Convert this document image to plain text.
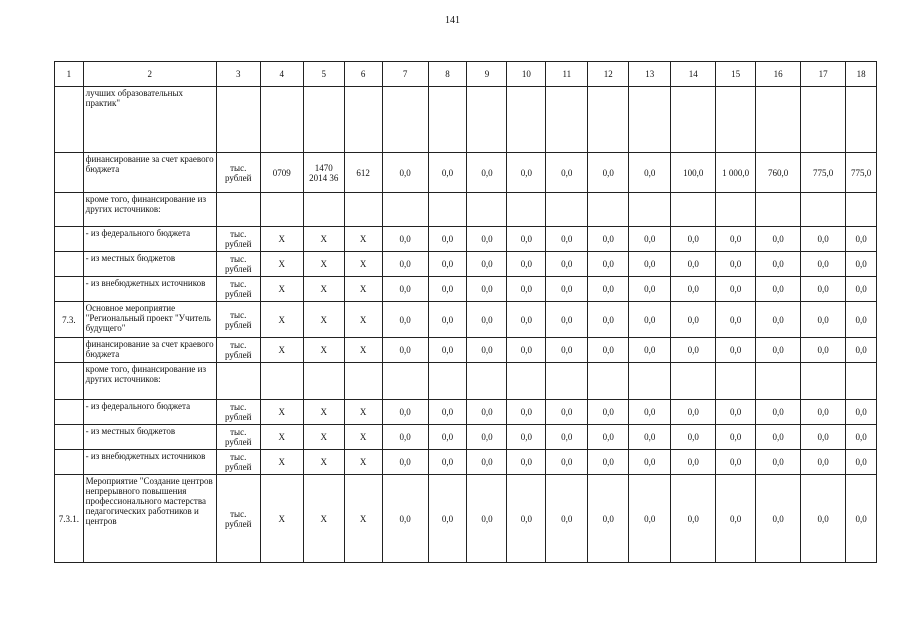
141
1	2	3	4	5	6	7	8	9	10	11	12	13	14	15	16	17	18
	лучших образовательных практик"																
	финансирование за счет краевого бюджета	тыс. рублей	0709	1470 2014 36	612	0,0	0,0	0,0	0,0	0,0	0,0	0,0	100,0	1 000,0	760,0	775,0	775,0
	кроме того, финансирование из других источников:																
	- из федерального бюджета	тыс. рублей	X	X	X	0,0	0,0	0,0	0,0	0,0	0,0	0,0	0,0	0,0	0,0	0,0	0,0
	- из местных бюджетов	тыс. рублей	X	X	X	0,0	0,0	0,0	0,0	0,0	0,0	0,0	0,0	0,0	0,0	0,0	0,0
	- из внебюджетных источников	тыс. рублей	X	X	X	0,0	0,0	0,0	0,0	0,0	0,0	0,0	0,0	0,0	0,0	0,0	0,0
7.3.	Основное мероприятие "Региональный проект "Учитель будущего"	тыс. рублей	X	X	X	0,0	0,0	0,0	0,0	0,0	0,0	0,0	0,0	0,0	0,0	0,0	0,0
	финансирование за счет краевого бюджета	тыс. рублей	X	X	X	0,0	0,0	0,0	0,0	0,0	0,0	0,0	0,0	0,0	0,0	0,0	0,0
	кроме того, финансирование из других источников:																
	- из федерального бюджета	тыс. рублей	X	X	X	0,0	0,0	0,0	0,0	0,0	0,0	0,0	0,0	0,0	0,0	0,0	0,0
	- из местных бюджетов	тыс. рублей	X	X	X	0,0	0,0	0,0	0,0	0,0	0,0	0,0	0,0	0,0	0,0	0,0	0,0
	- из внебюджетных источников	тыс. рублей	X	X	X	0,0	0,0	0,0	0,0	0,0	0,0	0,0	0,0	0,0	0,0	0,0	0,0
7.3.1.	Мероприятие "Создание центров непрерывного повышения профессионального мастерства педагогических работников и центров	тыс. рублей	X	X	X	0,0	0,0	0,0	0,0	0,0	0,0	0,0	0,0	0,0	0,0	0,0	0,0
